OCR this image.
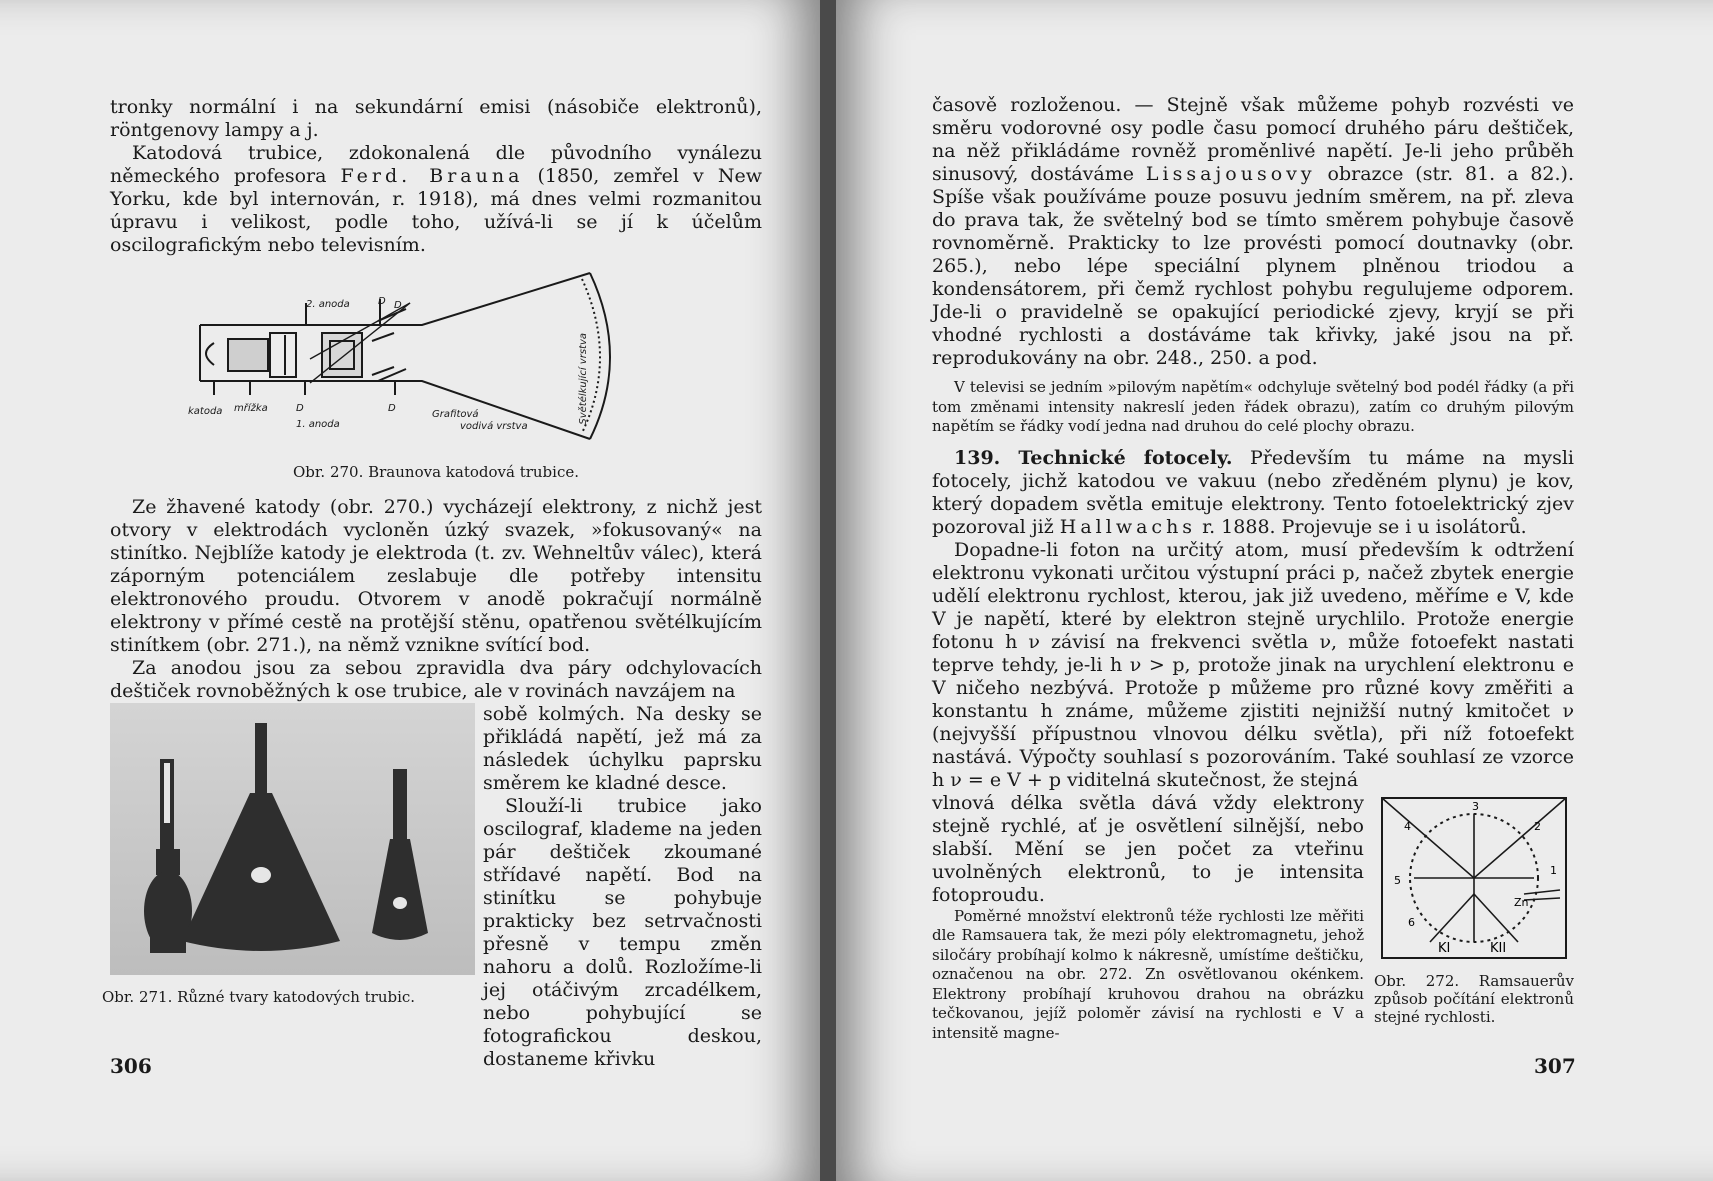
tronky normální i na sekundární emisi (násobiče elektronů), röntgenovy lampy a j.

Katodová trubice, zdokonalená dle původního vynálezu německého profesora Ferd. Brauna (1850, zemřel v New Yorku, kde byl internován, r. 1918), má dnes velmi rozmanitou úpravu i velikost, podle toho, užívá-li se jí k účelům oscilografickým nebo televisním.

2. anoda	D D
katoda mřížka	D	D
Grafitová
vodivá vrstva
1. anoda	Světélkující vrstva

Obr. 270. Braunova katodová trubice.

Ze žhavené katody (obr. 270.) vycházejí elektrony, z nichž jest otvory v elektrodách vycloněn úzký svazek, »fokusovaný« na stinítko. Nejblíže katody je elektroda (t. zv. Wehneltův válec), která záporným potenciálem zeslabuje dle potřeby intensitu elektronového proudu. Otvorem v anodě pokračují normálně elektrony v přímé cestě na protější stěnu, opatřenou světélkujícím stinítkem (obr. 271.), na němž vznikne svítící bod.

Za anodou jsou za sebou zpravidla dva páry odchylovacích deštiček rovnoběžných k ose trubice, ale v rovinách navzájem na

Obr. 271. Různé tvary katodových trubic.

sobě kolmých. Na desky se přikládá napětí, jež má za následek úchylku paprsku směrem ke kladné desce.

Slouží-li trubice jako oscilograf, klademe na jeden pár deštiček zkoumané střídavé napětí. Bod na stinítku se pohybuje prakticky bez setrvačnosti přesně v tempu změn nahoru a dolů. Rozložíme-li jej otáčivým zrcadélkem, nebo pohybující se fotografickou deskou, dostaneme křivku

306

časově rozloženou. — Stejně však můžeme pohyb rozvésti ve směru vodorovné osy podle času pomocí druhého páru deštiček, na něž přikládáme rovněž proměnlivé napětí. Je-li jeho průběh sinusový, dostáváme Lissajousovy obrazce (str. 81. a 82.). Spíše však používáme pouze posuvu jedním směrem, na př. zleva do prava tak, že světelný bod se tímto směrem pohybuje časově rovnoměrně. Prakticky to lze provésti pomocí doutnavky (obr. 265.), nebo lépe speciální plynem plněnou triodou a kondensátorem, při čemž rychlost pohybu regulujeme odporem. Jde-li o pravidelně se opakující periodické zjevy, kryjí se při vhodné rychlosti a dostáváme tak křivky, jaké jsou na př. reprodukovány na obr. 248., 250. a pod.

V televisi se jedním »pilovým napětím« odchyluje světelný bod podél řádky (a při tom změnami intensity nakreslí jeden řádek obrazu), zatím co druhým pilovým napětím se řádky vodí jedna nad druhou do celé plochy obrazu.

139. Technické fotocely. Především tu máme na mysli fotocely, jichž katodou ve vakuu (nebo zředěném plynu) je kov, který dopadem světla emituje elektrony. Tento fotoelektrický zjev pozoroval již Hallwachs r. 1888. Projevuje se i u isolátorů.

Dopadne-li foton na určitý atom, musí především k odtržení elektronu vykonati určitou výstupní práci p, načež zbytek energie udělí elektronu rychlost, kterou, jak již uvedeno, měříme e V, kde V je napětí, které by elektron stejně urychlilo. Protože energie fotonu h ν závisí na frekvenci světla ν, může fotoefekt nastati teprve tehdy, je-li h ν > p, protože jinak na urychlení elektronu e V ničeho nezbývá. Protože p můžeme pro různé kovy změřiti a konstantu h známe, můžeme zjistiti nejnižší nutný kmitočet ν (nejvyšší přípustnou vlnovou délku světla), při níž fotoefekt nastává. Výpočty souhlasí s pozorováním. Také souhlasí ze vzorce h ν = e V + p viditelná skutečnost, že stejná

3
2
4
1
5
6
Zn
KI	KII
Obr. 272. Ramsauerův způsob počítání elektronů stejné rychlosti.

vlnová délka světla dává vždy elektrony stejně rychlé, ať je osvětlení silnější, nebo slabší. Mění se jen počet za vteřinu uvolněných elektronů, to je intensita fotoproudu.

Poměrné množství elektronů téže rychlosti lze měřiti dle Ramsauera tak, že mezi póly elektromagnetu, jehož siločáry probíhají kolmo k nákresně, umístíme deštičku, označenou na obr. 272. Zn osvětlovanou okénkem. Elektrony probíhají kruhovou drahou na obrázku tečkovanou, jejíž poloměr závisí na rychlosti e V a intensitě magne-

307
